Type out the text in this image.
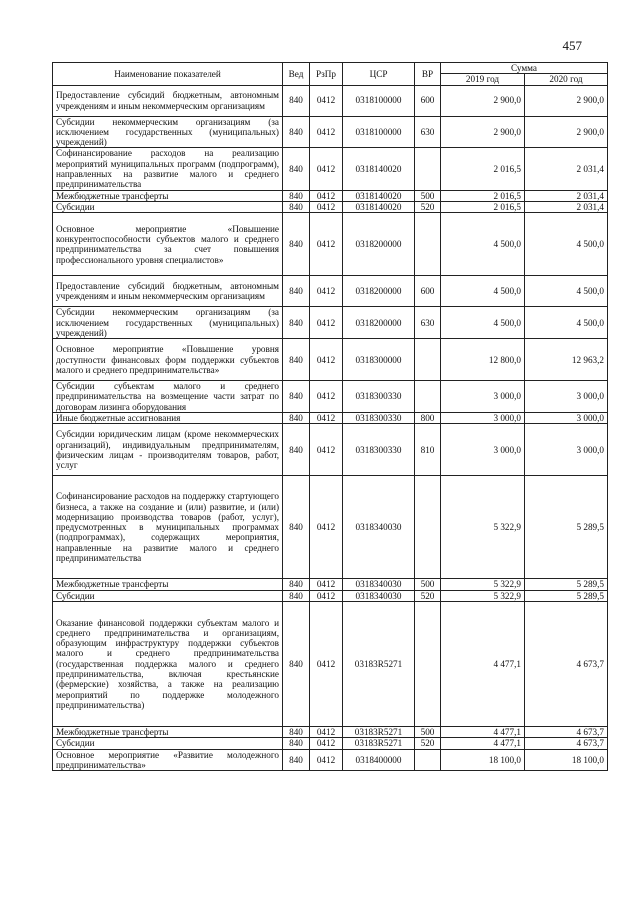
457
Наименование показателей	Вед	РзПр	ЦСР	ВР	Сумма	
					2019 год	2020 год
Предоставление субсидий бюджетным, автономным учреждениям и иным некоммерческим организациям	840	0412	0318100000	600	2 900,0	2 900,0
Субсидии некоммерческим организациям (за исключением государственных (муниципальных) учреждений)	840	0412	0318100000	630	2 900,0	2 900,0
Софинансирование расходов на реализацию мероприятий муниципальных программ (подпрограмм), направленных на развитие малого и среднего предпринимательства	840	0412	0318140020		2 016,5	2 031,4
Межбюджетные трансферты	840	0412	0318140020	500	2 016,5	2 031,4
Субсидии	840	0412	0318140020	520	2 016,5	2 031,4
Основное мероприятие «Повышение конкурентоспособности субъектов малого и среднего предпринимательства за счет повышения профессионального уровня специалистов»	840	0412	0318200000		4 500,0	4 500,0
Предоставление субсидий бюджетным, автономным учреждениям и иным некоммерческим организациям	840	0412	0318200000	600	4 500,0	4 500,0
Субсидии некоммерческим организациям (за исключением государственных (муниципальных) учреждений)	840	0412	0318200000	630	4 500,0	4 500,0
Основное мероприятие «Повышение уровня доступности финансовых форм поддержки субъектов малого и среднего предпринимательства»	840	0412	0318300000		12 800,0	12 963,2
Субсидии субъектам малого и среднего предпринимательства на возмещение части затрат по договорам лизинга оборудования	840	0412	0318300330		3 000,0	3 000,0
Иные бюджетные ассигнования	840	0412	0318300330	800	3 000,0	3 000,0
Субсидии юридическим лицам (кроме некоммерческих организаций), индивидуальным предпринимателям, физическим лицам - производителям товаров, работ, услуг	840	0412	0318300330	810	3 000,0	3 000,0
Софинансирование расходов на поддержку стартующего бизнеса, а также на создание и (или) развитие, и (или) модернизацию производства товаров (работ, услуг), предусмотренных в муниципальных программах (подпрограммах), содержащих мероприятия, направленные на развитие малого и среднего предпринимательства	840	0412	0318340030		5 322,9	5 289,5
Межбюджетные трансферты	840	0412	0318340030	500	5 322,9	5 289,5
Субсидии	840	0412	0318340030	520	5 322,9	5 289,5
Оказание финансовой поддержки субъектам малого и среднего предпринимательства и организациям, образующим инфраструктуру поддержки субъектов малого и среднего предпринимательства (государственная поддержка малого и среднего предпринимательства, включая крестьянские (фермерские) хозяйства, а также на реализацию мероприятий по поддержке молодежного предпринимательства)	840	0412	03183R5271		4 477,1	4 673,7
Межбюджетные трансферты	840	0412	03183R5271	500	4 477,1	4 673,7
Субсидии	840	0412	03183R5271	520	4 477,1	4 673,7
Основное мероприятие «Развитие молодежного предпринимательства»	840	0412	0318400000		18 100,0	18 100,0
